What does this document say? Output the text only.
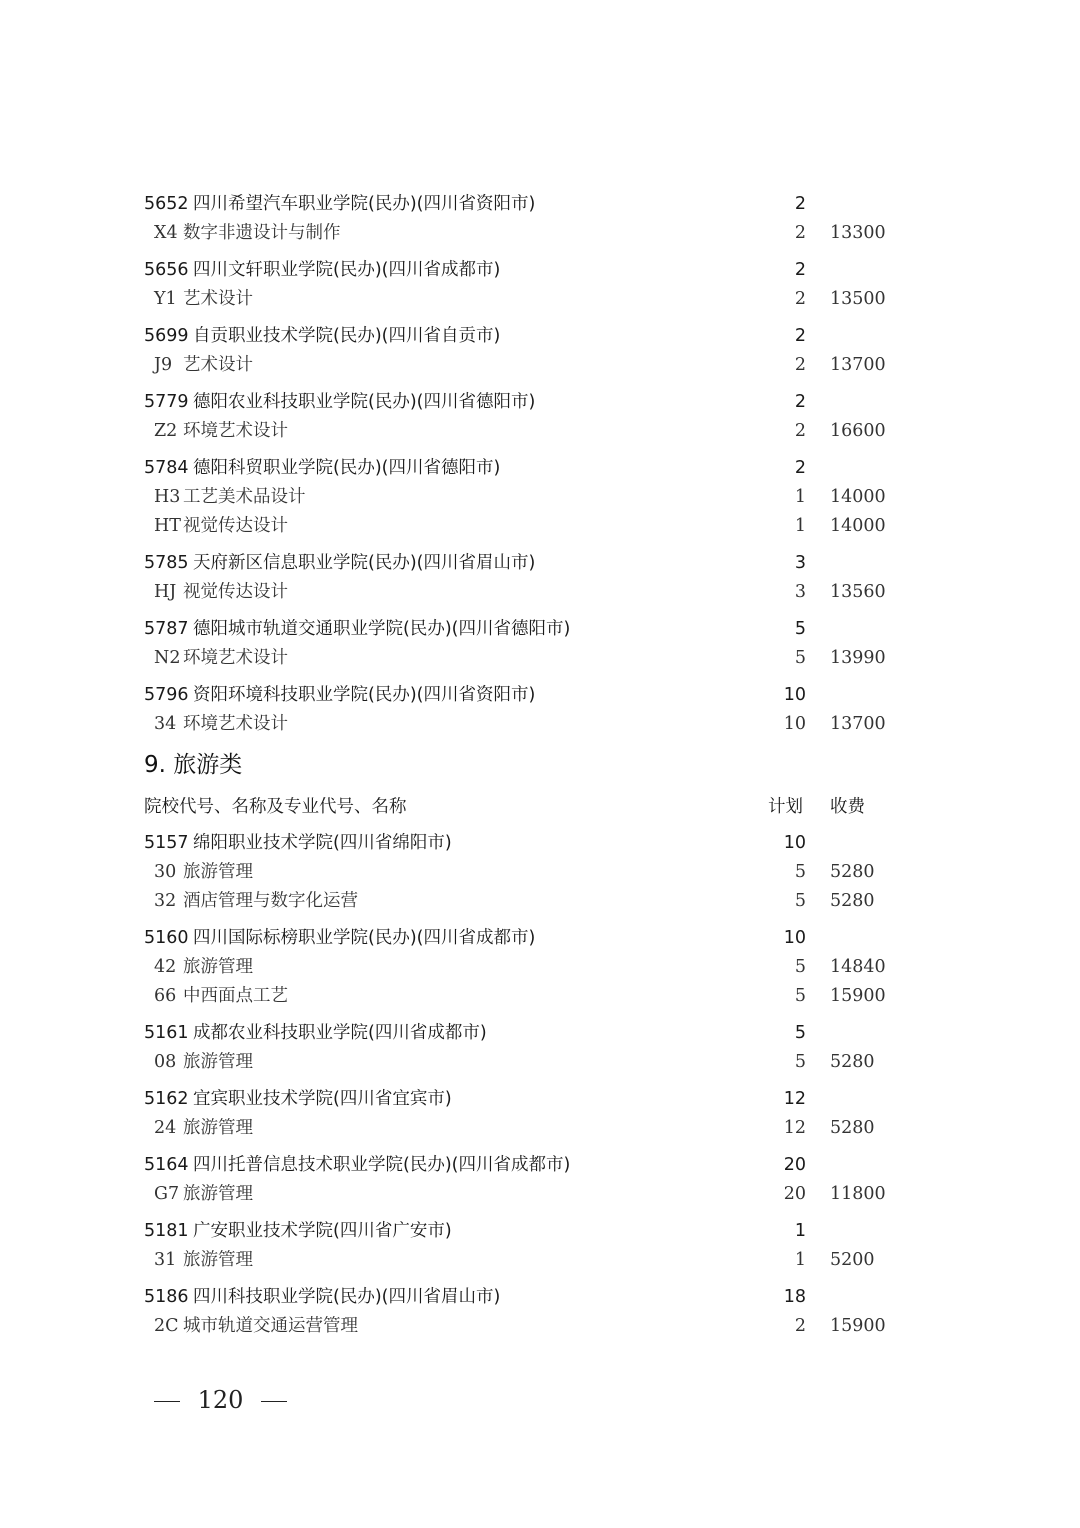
5652 四川希望汽车职业学院(民办)(四川省资阳市)	2
X4 数字非遗设计与制作	2 13300
5656 四川文轩职业学院(民办)(四川省成都市)	2
Y1 艺术设计	2 13500
5699 自贡职业技术学院(民办)(四川省自贡市)	2
J9 艺术设计	2 13700
5779 德阳农业科技职业学院(民办)(四川省德阳市)	2
Z2 环境艺术设计	2 16600
5784 德阳科贸职业学院(民办)(四川省德阳市)	2
H3 工艺美术品设计	1 14000
HT 视觉传达设计	1 14000
5785 天府新区信息职业学院(民办)(四川省眉山市)	3
HJ 视觉传达设计	3 13560
5787 德阳城市轨道交通职业学院(民办)(四川省德阳市)	5
N2 环境艺术设计	5 13990
5796 资阳环境科技职业学院(民办)(四川省资阳市)	10
34 环境艺术设计	10 13700
9. 旅游类
院校代号、名称及专业代号、名称	计划 收费
5157 绵阳职业技术学院(四川省绵阳市)	10
30 旅游管理	5 5280
32 酒店管理与数字化运营	5 5280
5160 四川国际标榜职业学院(民办)(四川省成都市)	10
42 旅游管理	5 14840
66 中西面点工艺	5 15900
5161 成都农业科技职业学院(四川省成都市)	5
08 旅游管理	5 5280
5162 宜宾职业技术学院(四川省宜宾市)	12
24 旅游管理	12 5280
5164 四川托普信息技术职业学院(民办)(四川省成都市)	20
G7 旅游管理	20 11800
5181 广安职业技术学院(四川省广安市)	1
31 旅游管理	1 5200
5186 四川科技职业学院(民办)(四川省眉山市)	18
2C 城市轨道交通运营管理	2 15900
120
